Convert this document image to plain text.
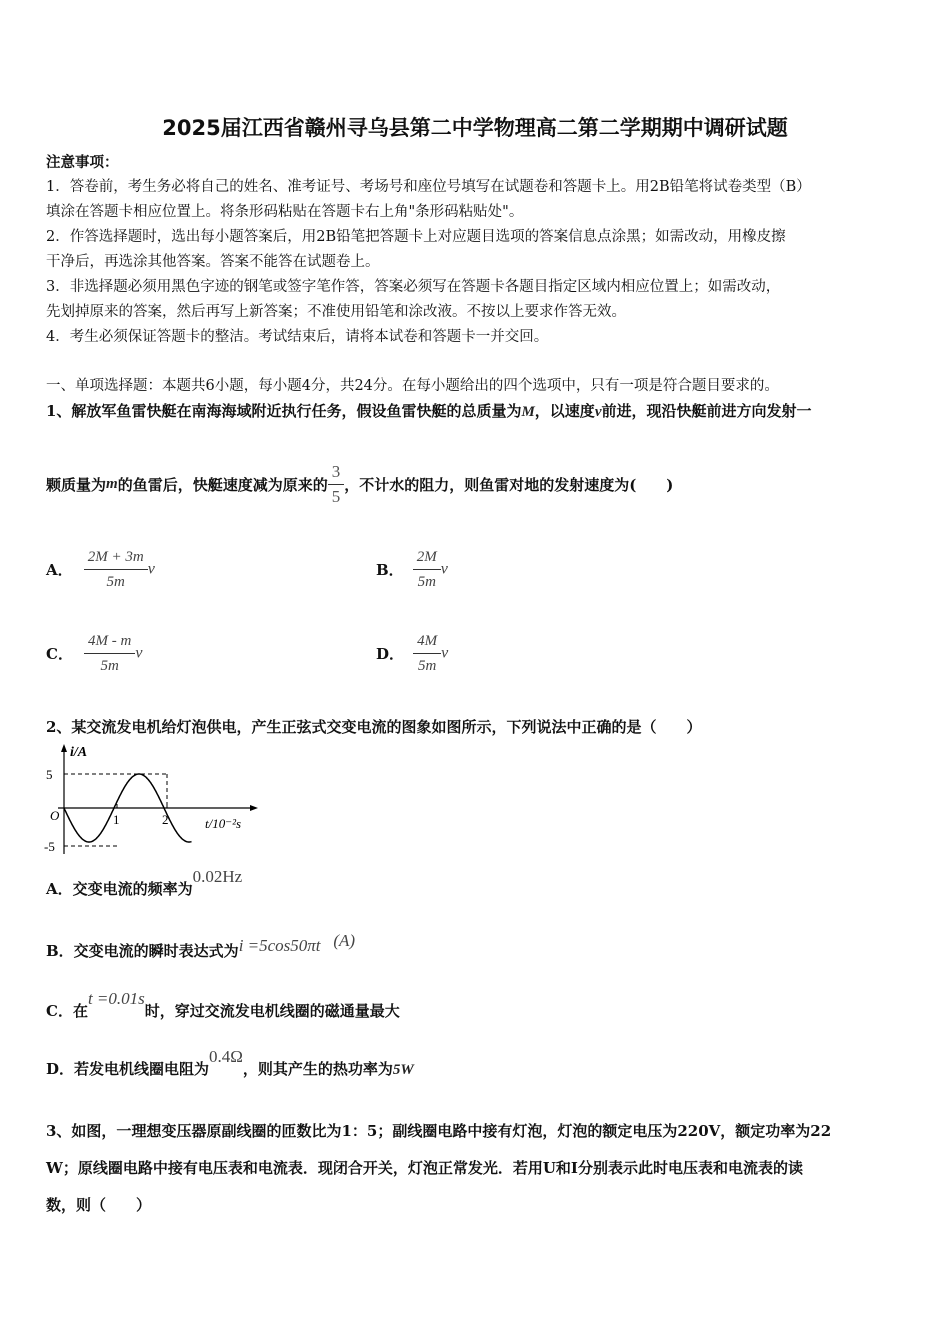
2025届江西省赣州寻乌县第二中学物理高二第二学期期中调研试题
注意事项：
1．答卷前，考生务必将自己的姓名、准考证号、考场号和座位号填写在试题卷和答题卡上。用2B铅笔将试卷类型（B）
填涂在答题卡相应位置上。将条形码粘贴在答题卡右上角"条形码粘贴处"。
2．作答选择题时，选出每小题答案后，用2B铅笔把答题卡上对应题目选项的答案信息点涂黑；如需改动，用橡皮擦
干净后，再选涂其他答案。答案不能答在试题卷上。
3．非选择题必须用黑色字迹的钢笔或签字笔作答，答案必须写在答题卡各题目指定区域内相应位置上；如需改动，
先划掉原来的答案，然后再写上新答案；不准使用铅笔和涂改液。不按以上要求作答无效。
4．考生必须保证答题卡的整洁。考试结束后，请将本试卷和答题卡一并交回。
一、单项选择题：本题共6小题，每小题4分，共24分。在每小题给出的四个选项中，只有一项是符合题目要求的。
1、解放军鱼雷快艇在南海海域附近执行任务，假设鱼雷快艇的总质量为M，以速度v前进，现沿快艇前进方向发射一
颗质量为m的鱼雷后，快艇速度减为原来的 $\frac{3}{5}$ ，不计水的阻力，则鱼雷对地的发射速度为(　　)
A． $\frac{2M + 3m}{5m}$ v	B． $\frac{2M}{5m}$ v
C． $\frac{4M - m}{5m}$ v	D． $\frac{4M}{5m}$ v
2、某交流发电机给灯泡供电，产生正弦式交变电流的图象如图所示，下列说法中正确的是（　　）
i/A
5
-5
O	1	2	t/10⁻²s
A．交变电流的频率为0.02Hz
B．交变电流的瞬时表达式为i =5cos50πt (A)
C．在t =0.01s时，穿过交流发电机线圈的磁通量最大
D．若发电机线圈电阻为0.4Ω，则其产生的热功率为5W
3、如图，一理想变压器原副线圈的匝数比为1：5；副线圈电路中接有灯泡，灯泡的额定电压为220V，额定功率为22
W；原线圈电路中接有电压表和电流表．现闭合开关，灯泡正常发光．若用U和I分别表示此时电压表和电流表的读
数，则（　　）
